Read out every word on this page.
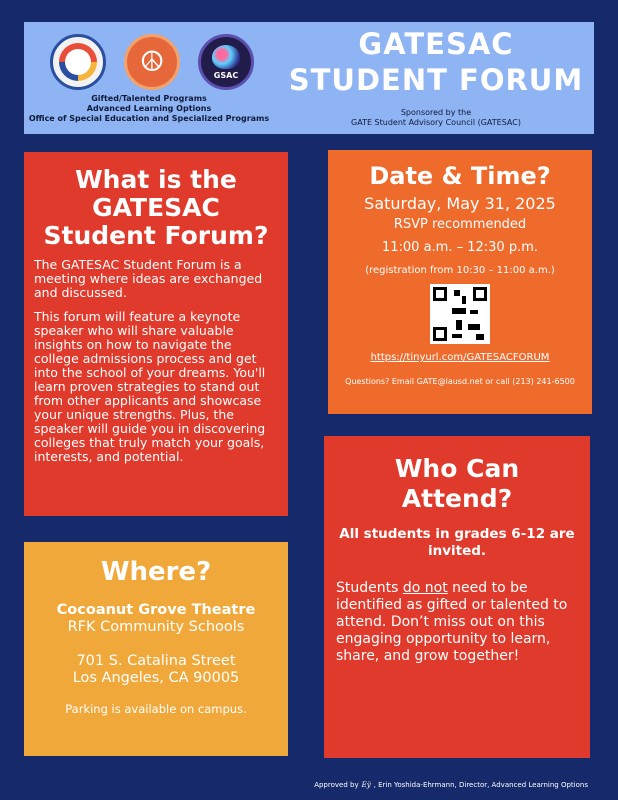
☮	GSAC
Gifted/Talented Programs
Advanced Learning Options
Office of Special Education and Specialized Programs
GATESAC
STUDENT FORUM
Sponsored by the
GATE Student Advisory Council (GATESAC)
What is the GATESAC Student Forum?
The GATESAC Student Forum is a meeting where ideas are exchanged and discussed.
This forum will feature a keynote speaker who will share valuable insights on how to navigate the college admissions process and get into the school of your dreams. You'll learn proven strategies to stand out from other applicants and showcase your unique strengths. Plus, the speaker will guide you in discovering colleges that truly match your goals, interests, and potential.
Date & Time?
Saturday, May 31, 2025
RSVP recommended
11:00 a.m. – 12:30 p.m.
(registration from 10:30 – 11:00 a.m.)
https://tinyurl.com/GATESACFORUM
Questions? Email GATE@lausd.net or call (213) 241-6500
Where?
Cocoanut Grove Theatre
RFK Community Schools
701 S. Catalina Street
Los Angeles, CA 90005
Parking is available on campus.
Who Can Attend?
All students in grades 6-12 are invited.
Students do not need to be identified as gifted or talented to attend. Don’t miss out on this engaging opportunity to learn, share, and grow together!
Approved by Eÿ , Erin Yoshida-Ehrmann, Director, Advanced Learning Options
